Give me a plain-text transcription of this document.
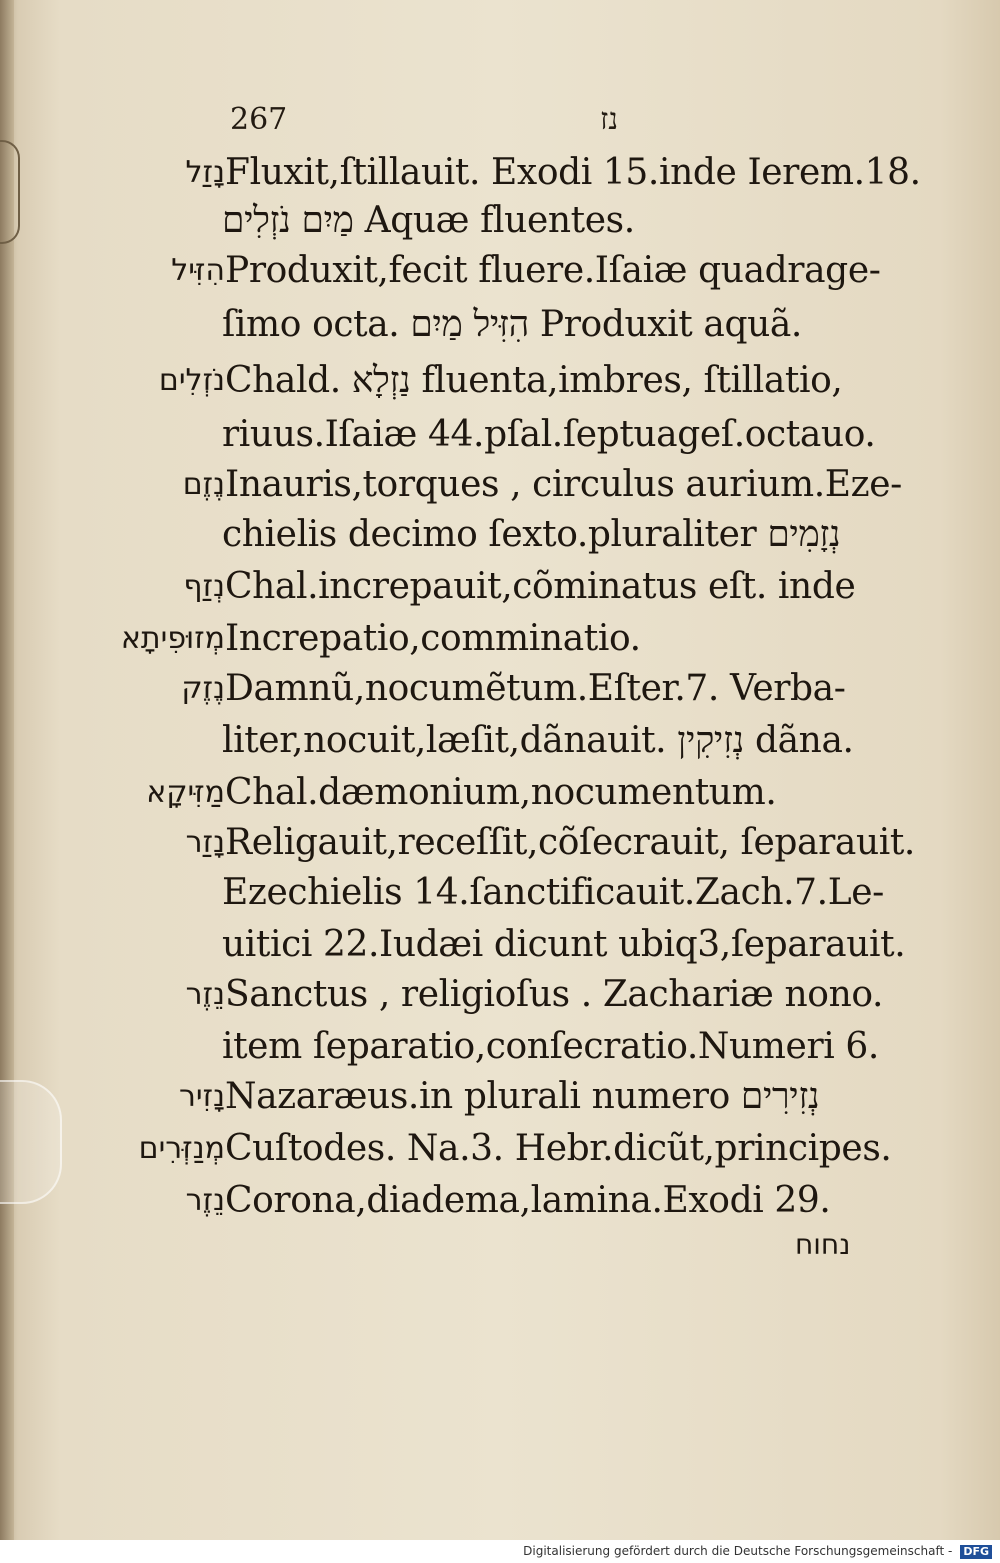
267	נז
נָזַל Fluxit,ſtillauit. Exodi 15.inde Ierem.18.
מַיִם נֹזְלִים Aquæ fluentes.
הִזִּיל Produxit,fecit fluere.Iſaiæ quadrage-
ſimo octa. הִזִּיל מַיִם Produxit aquã.
נֹזְלִים Chald. נַזְלָא fluenta,imbres, ſtillatio,
riuus.Iſaiæ 44.pſal.ſeptuageſ.octauo.
נֶזֶם Inauris,torques , circulus aurium.Eze-
chielis decimo ſexto.pluraliter נְזָמִים
נְזַף Chal.increpauit,cõminatus eſt. inde
מְזוּפִיתָא Increpatio,comminatio.
נֶזֶק Damnũ,nocumẽtum.Eſter.7. Verba-
liter,nocuit,læſit,dãnauit. נְזִיקִין dãna.
מַזִּיקָא Chal.dæmonium,nocumentum.
נָזַר Religauit,receſſit,cõſecrauit, ſeparauit.
Ezechielis 14.ſanctificauit.Zach.7.Le-
uitici 22.Iudæi dicunt ubiq3,ſeparauit.
נֵזֶר Sanctus , religioſus . Zachariæ nono.
item ſeparatio,conſecratio.Numeri 6.
נָזִיר Nazaræus.in plurali numero נְזִירִים
מְנַזְּרִים Cuſtodes. Na.3. Hebr.dicũt,principes.
נֵזֶר Corona,diadema,lamina.Exodi 29.
נחוח
Digitalisierung gefördert durch die Deutsche Forschungsgemeinschaft - DFG
